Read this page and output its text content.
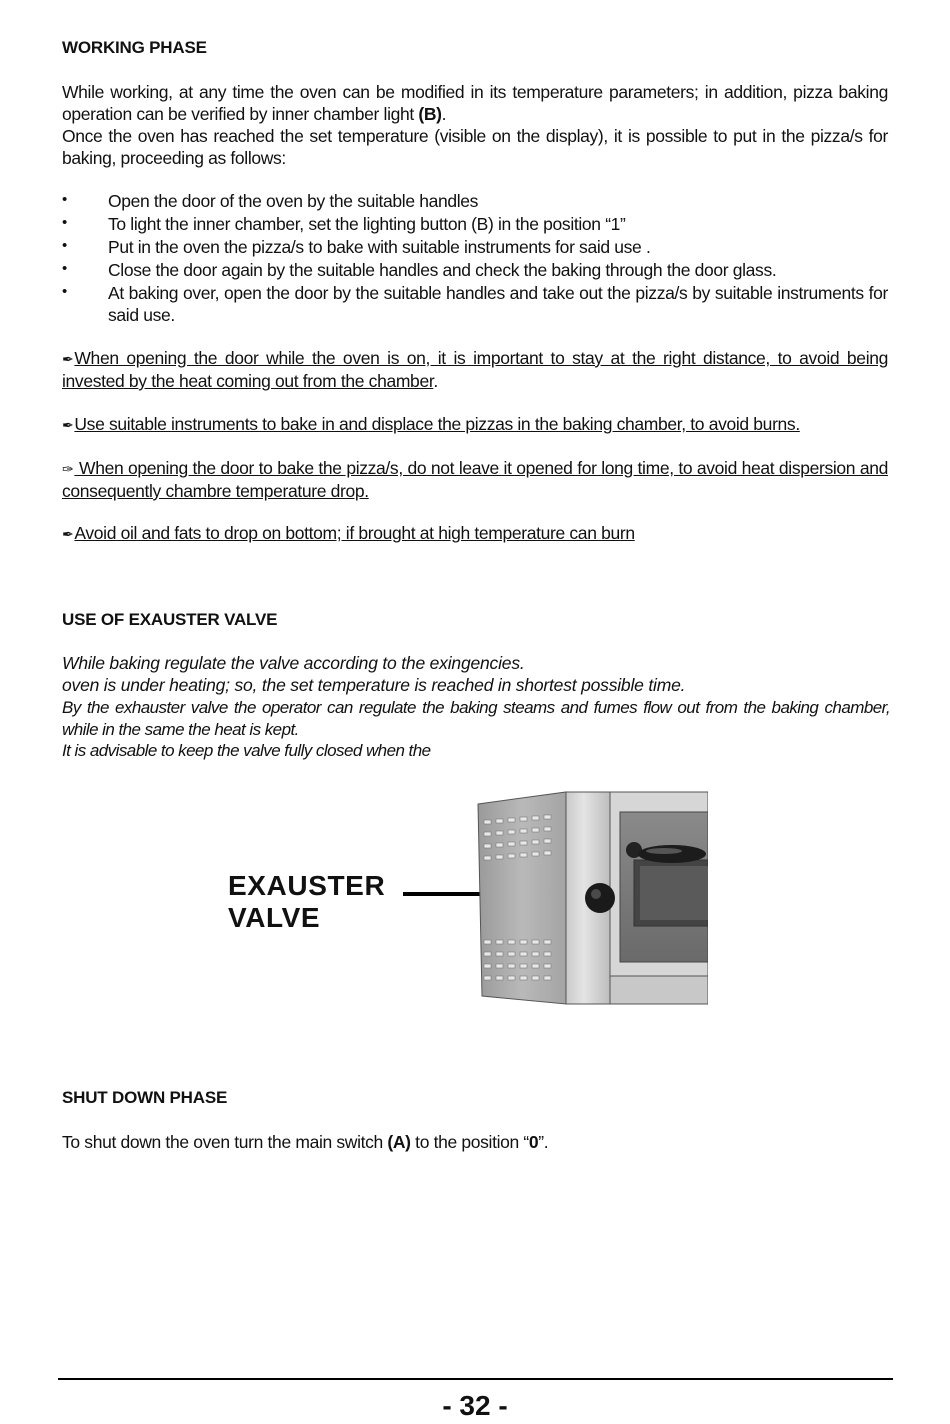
WORKING PHASE
While working, at any time the oven can be modified in its temperature parameters; in addition, pizza baking operation can be verified by inner chamber light (B).
Once the oven has reached the set temperature (visible on the display), it is possible to put in the pizza/s for baking, proceeding as follows:
• Open the door of the oven by the suitable handles
• To light the inner chamber, set the lighting button (B) in the position “1”
• Put in the oven the pizza/s to bake with suitable instruments for said use .
• Close the door again by the suitable handles and check the baking through the door glass.
• At baking over, open the door by the suitable handles and take out the pizza/s by suitable instruments for said use.
✒When opening the door while the oven is on, it is important to stay at the right distance, to avoid being invested by the heat coming out from the chamber.
✒Use suitable instruments to bake in and displace the pizzas in the baking chamber, to avoid burns.
✑ When opening the door to bake the pizza/s, do not leave it opened for long time, to avoid heat dispersion and consequently chambre temperature drop.
✒Avoid oil and fats to drop on bottom; if brought at high temperature can burn
USE OF EXAUSTER VALVE
While baking regulate the valve according to the exingencies.
oven is under heating; so, the set temperature is reached in shortest possible time.
By the exhauster valve the operator can regulate the baking steams and fumes flow out from the baking chamber, while in the same the heat is kept.
It is advisable to keep the valve fully closed when the
EXAUSTER
VALVE
SHUT DOWN PHASE
To shut down the oven turn the main switch (A) to the position “0”.
- 32 -
